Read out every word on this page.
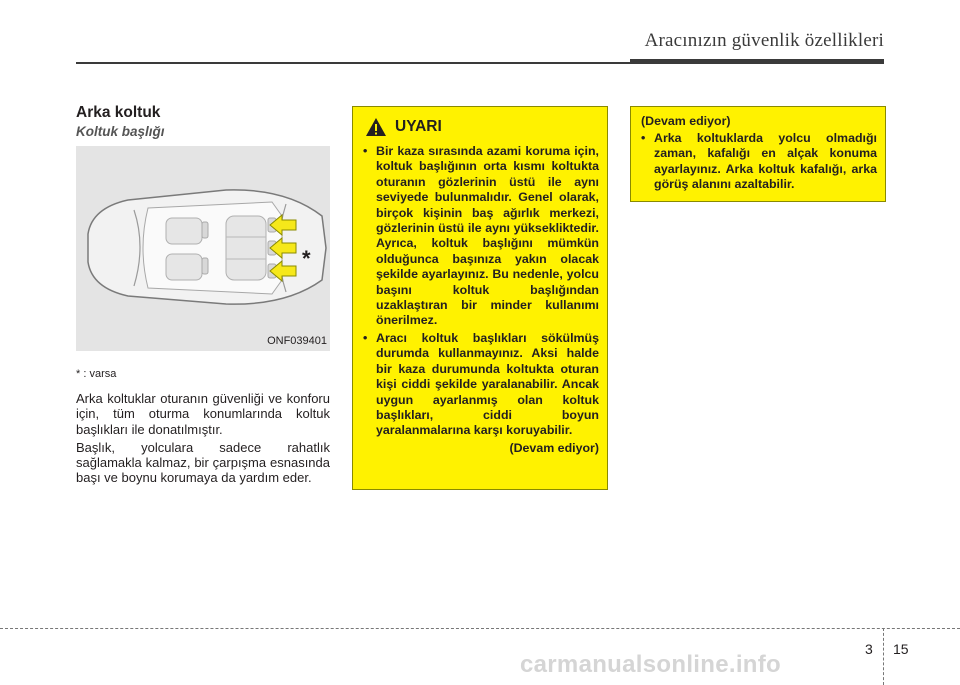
Aracınızın güvenlik özellikleri
Arka koltuk
Koltuk başlığı
*
ONF039401
* : varsa

Arka koltuklar oturanın güvenliği ve konforu için, tüm oturma konumlarında koltuk başlıkları ile donatılmıştır.

Başlık, yolculara sadece rahatlık sağlamakla kalmaz, bir çarpışma esnasında başı ve boynu korumaya da yardım eder.

UYARI
• Bir kaza sırasında azami koruma için, koltuk başlığının orta kısmı koltukta oturanın gözlerinin üstü ile aynı seviyede bulunmalıdır. Genel olarak, birçok kişinin baş ağırlık merkezi, gözlerinin üstü ile aynı yüksekliktedir. Ayrıca, koltuk başlığını mümkün olduğunca başınıza yakın olacak şekilde ayarlayınız. Bu nedenle, yolcu başını koltuk başlığından uzaklaştıran bir minder kullanımı önerilmez.
• Aracı koltuk başlıkları sökülmüş durumda kullanmayınız. Aksi halde bir kaza durumunda koltukta oturan kişi ciddi şekilde yaralanabilir. Ancak uygun ayarlanmış olan koltuk başlıkları, ciddi boyun yaralanmalarına karşı koruyabilir.
(Devam ediyor)
(Devam ediyor)
• Arka koltuklarda yolcu olmadığı zaman, kafalığı en alçak konuma ayarlayınız. Arka koltuk kafalığı, arka görüş alanını azaltabilir.
3 15
carmanualsonline.info
